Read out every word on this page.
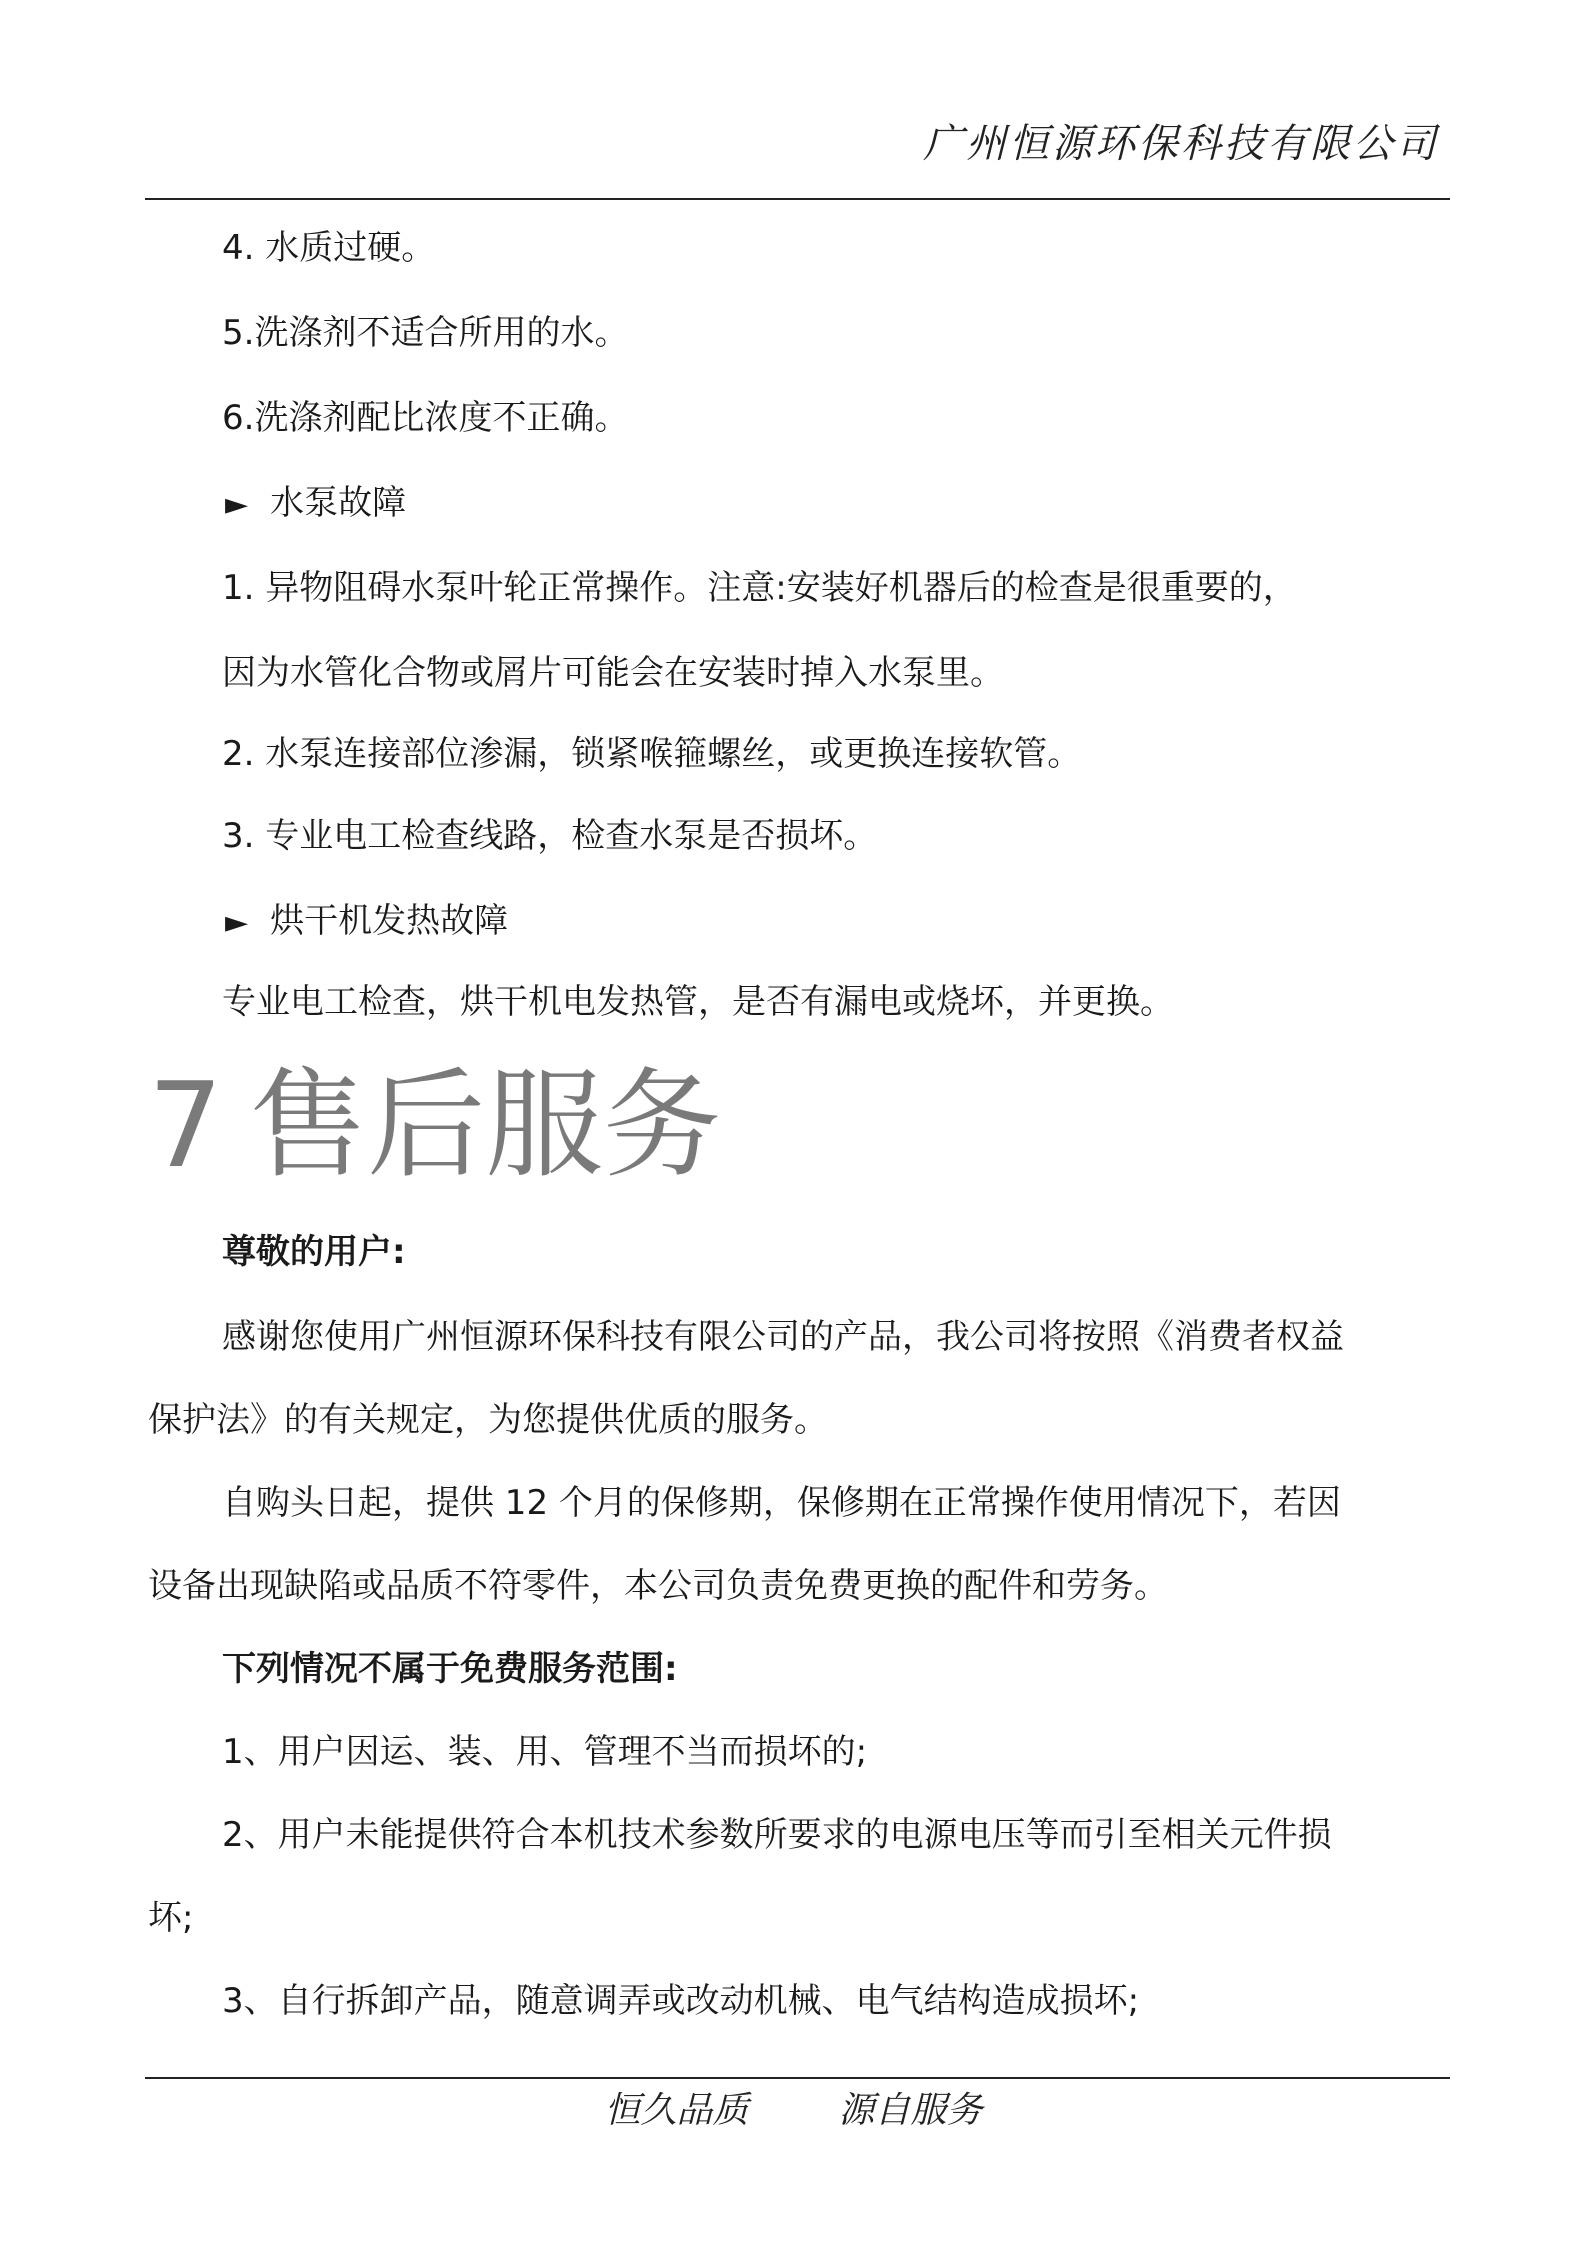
广州恒源环保科技有限公司
4. 水质过硬。
5.洗涤剂不适合所用的水。
6.洗涤剂配比浓度不正确。
► 水泵故障
1. 异物阻碍水泵叶轮正常操作。注意:安装好机器后的检查是很重要的，
因为水管化合物或屑片可能会在安装时掉入水泵里。
2. 水泵连接部位渗漏，锁紧喉箍螺丝，或更换连接软管。
3. 专业电工检查线路，检查水泵是否损坏。
► 烘干机发热故障
专业电工检查，烘干机电发热管，是否有漏电或烧坏，并更换。
7 售后服务
尊敬的用户:
感谢您使用广州恒源环保科技有限公司的产品，我公司将按照《消费者权益
保护法》的有关规定，为您提供优质的服务。
自购头日起，提供 12 个月的保修期，保修期在正常操作使用情况下，若因
设备出现缺陷或品质不符零件，本公司负责免费更换的配件和劳务。
下列情况不属于免费服务范围:
1、用户因运、装、用、管理不当而损坏的;
2、用户未能提供符合本机技术参数所要求的电源电压等而引至相关元件损
坏;
3、自行拆卸产品，随意调弄或改动机械、电气结构造成损坏;
恒久品质	源自服务
